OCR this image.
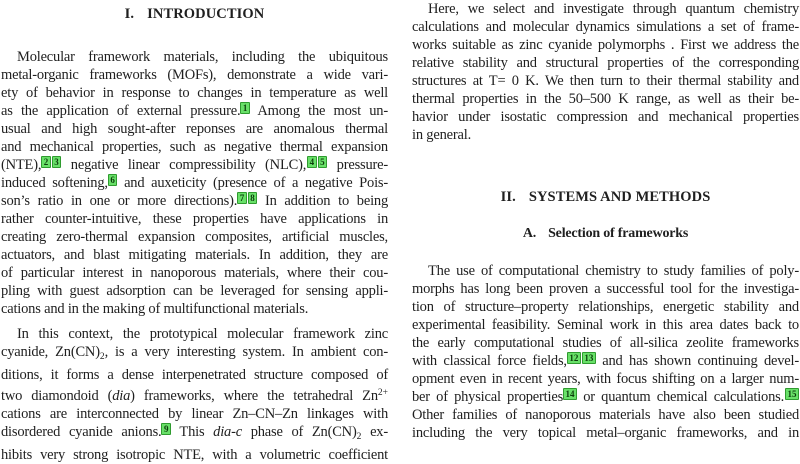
I. INTRODUCTION
Molecular framework materials, including the ubiquitous
metal-organic frameworks (MOFs), demonstrate a wide vari-
ety of behavior in response to changes in temperature as well
as the application of external pressure. 1 Among the most un-
usual and high sought-after reponses are anomalous thermal
and mechanical properties, such as negative thermal expansion
(NTE), 2 3 negative linear compressibility (NLC), 4 5 pressure-
induced softening, 6 and auxeticity (presence of a negative Pois-
son’s ratio in one or more directions). 7 8 In addition to being
rather counter-intuitive, these properties have applications in
creating zero-thermal expansion composites, artificial muscles,
actuators, and blast mitigating materials. In addition, they are
of particular interest in nanoporous materials, where their cou-
pling with guest adsorption can be leveraged for sensing appli-
cations and in the making of multifunctional materials.
In this context, the prototypical molecular framework zinc
cyanide, $Zn(CN)_2$, is a very interesting system. In ambient con-
ditions, it forms a dense interpenetrated structure composed of
two diamondoid (dia) frameworks, where the tetrahedral $Zn^{2+}$
cations are interconnected by linear Zn–CN–Zn linkages with
disordered cyanide anions. 9 This dia-c phase of $Zn(CN)_2$ ex-
hibits very strong isotropic NTE, with a volumetric coefficient
Here, we select and investigate through quantum chemistry
calculations and molecular dynamics simulations a set of frame-
works suitable as zinc cyanide polymorphs . First we address the
relative stability and structural properties of the corresponding
structures at T= 0 K. We then turn to their thermal stability and
thermal properties in the 50–500 K range, as well as their be-
havior under isostatic compression and mechanical properties
in general.
II. SYSTEMS AND METHODS
A. Selection of frameworks
The use of computational chemistry to study families of poly-
morphs has long been proven a successful tool for the investiga-
tion of structure–property relationships, energetic stability and
experimental feasibility. Seminal work in this area dates back to
the early computational studies of all-silica zeolite frameworks
with classical force fields, 12 13 and has shown continuing devel-
opment even in recent years, with focus shifting on a larger num-
ber of physical properties 14 or quantum chemical calculations. 15
Other families of nanoporous materials have also been studied
including the very topical metal–organic frameworks, and in
